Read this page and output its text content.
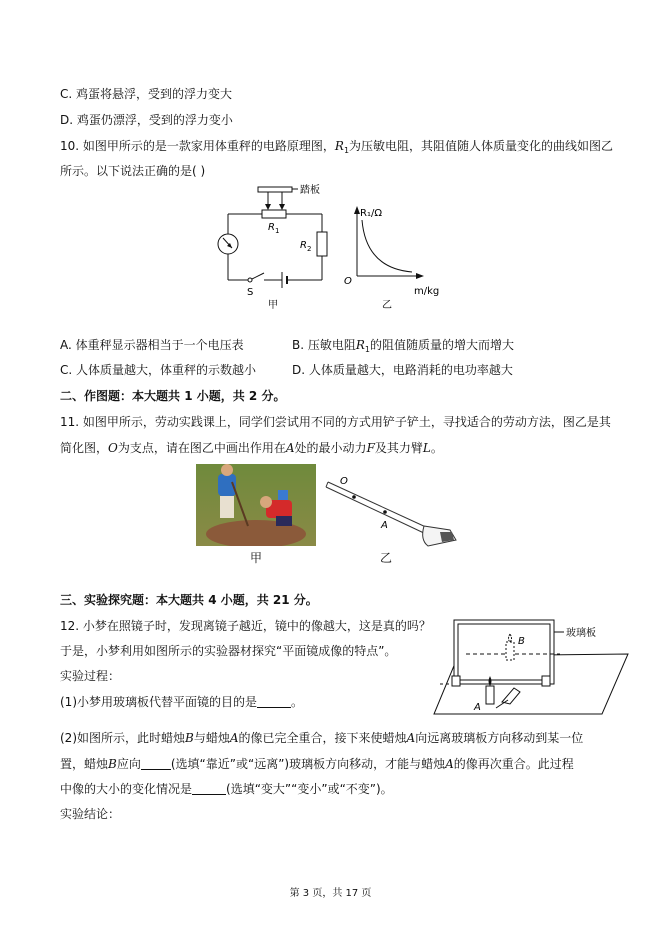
C. 鸡蛋将悬浮，受到的浮力变大
D. 鸡蛋仍漂浮，受到的浮力变小
10. 如图甲所示的是一款家用体重秤的电路原理图，$R_1$为压敏电阻，其阻值随人体质量变化的曲线如图乙
所示。以下说法正确的是( )
踏板
$R_1$
$R_2$
S
甲
R₁/Ω
m/kg
O
乙
A. 体重秤显示器相当于一个电压表	B. 压敏电阻$R_1$的阻值随质量的增大而增大
C. 人体质量越大，体重秤的示数越小	D. 人体质量越大，电路消耗的电功率越大
二、作图题：本大题共 1 小题，共 2 分。
11. 如图甲所示，劳动实践课上，同学们尝试用不同的方式用铲子铲土，寻找适合的劳动方法，图乙是其
简化图，O为支点，请在图乙中画出作用在A处的最小动力F及其力臂L。
甲
O
A
乙
三、实验探究题：本大题共 4 小题，共 21 分。
12. 小梦在照镜子时，发现离镜子越近，镜中的像越大，这是真的吗？
于是，小梦利用如图所示的实验器材探究“平面镜成像的特点”。
实验过程：
(1)小梦用玻璃板代替平面镜的目的是	。
B
A
玻璃板
(2)如图所示，此时蜡烛B与蜡烛A的像已完全重合，接下来使蜡烛A向远离玻璃板方向移动到某一位
置，蜡烛B应向	(选填“靠近”或“远离”)玻璃板方向移动，才能与蜡烛A的像再次重合。此过程
中像的大小的变化情况是	(选填“变大”“变小”或“不变”)。
实验结论：
第 3 页，共 17 页
